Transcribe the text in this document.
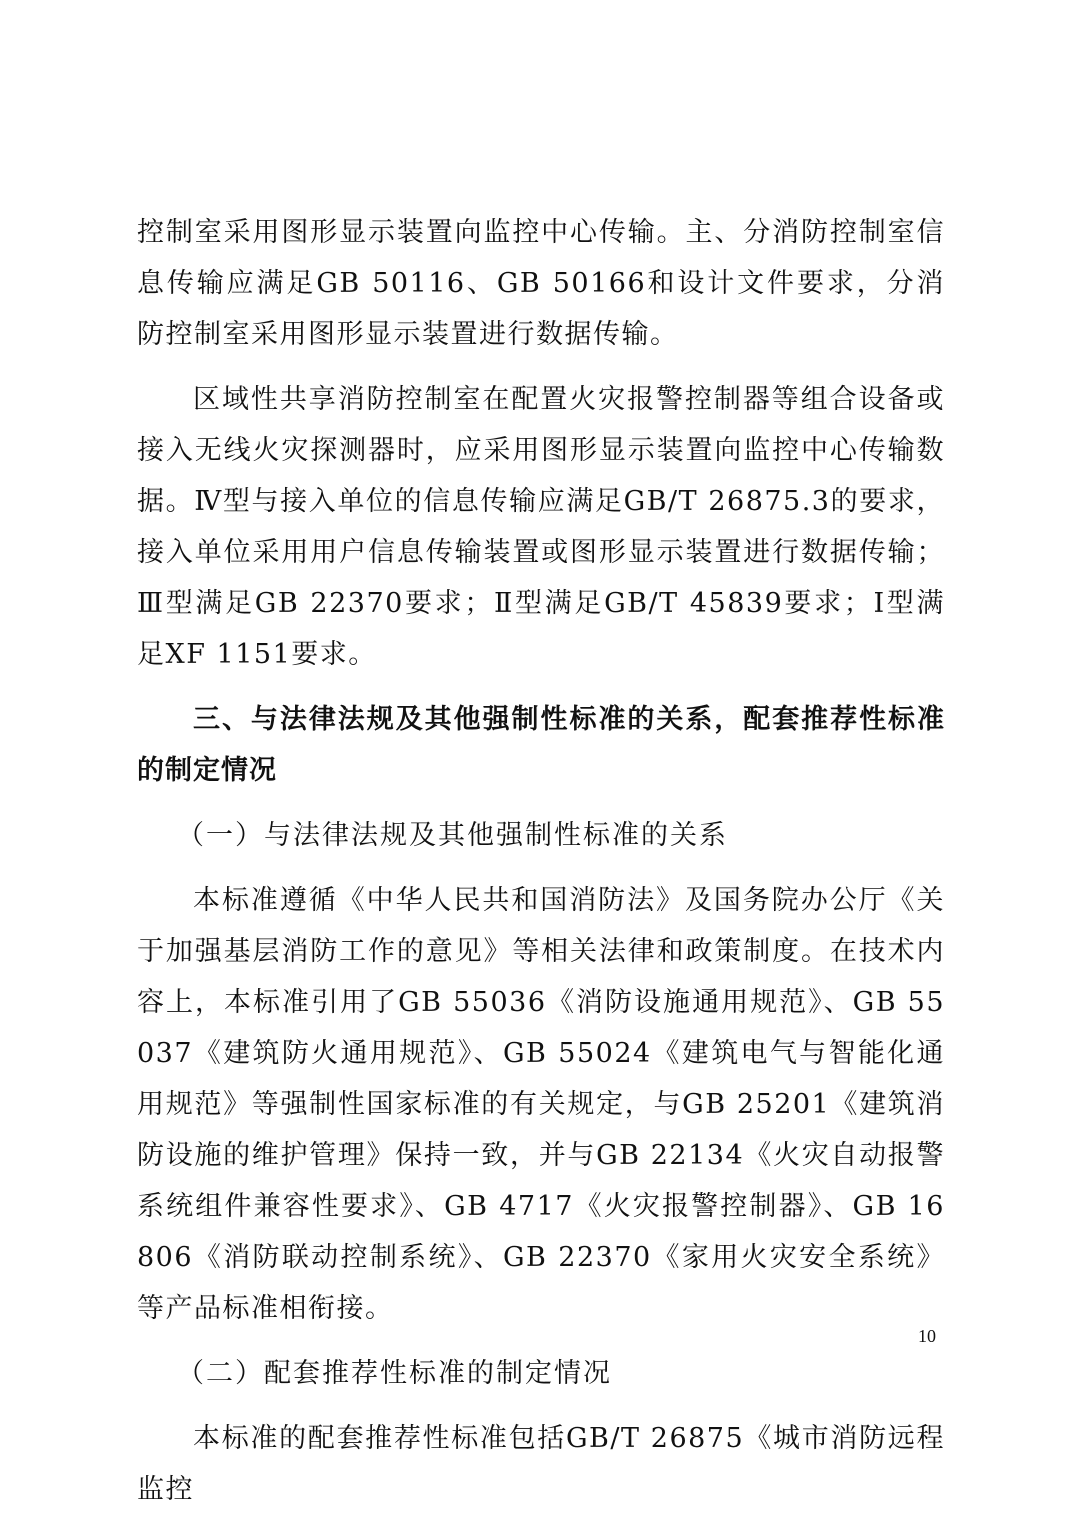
控制室采用图形显示装置向监控中心传输。主、分消防控制室信息传输应满足GB 50116、GB 50166和设计文件要求，分消防控制室采用图形显示装置进行数据传输。

区域性共享消防控制室在配置火灾报警控制器等组合设备或接入无线火灾探测器时，应采用图形显示装置向监控中心传输数据。Ⅳ型与接入单位的信息传输应满足GB/T 26875.3的要求，接入单位采用用户信息传输装置或图形显示装置进行数据传输；Ⅲ型满足GB 22370要求；Ⅱ型满足GB/T 45839要求；Ⅰ型满足XF 1151要求。

三、与法律法规及其他强制性标准的关系，配套推荐性标准的制定情况

（一）与法律法规及其他强制性标准的关系

本标准遵循《中华人民共和国消防法》及国务院办公厅《关于加强基层消防工作的意见》等相关法律和政策制度。在技术内容上，本标准引用了GB 55036《消防设施通用规范》、GB 55037《建筑防火通用规范》、GB 55024《建筑电气与智能化通用规范》等强制性国家标准的有关规定，与GB 25201《建筑消防设施的维护管理》保持一致，并与GB 22134《火灾自动报警系统组件兼容性要求》、GB 4717《火灾报警控制器》、GB 16806《消防联动控制系统》、GB 22370《家用火灾安全系统》等产品标准相衔接。

（二）配套推荐性标准的制定情况

本标准的配套推荐性标准包括GB/T 26875《城市消防远程监控

10
